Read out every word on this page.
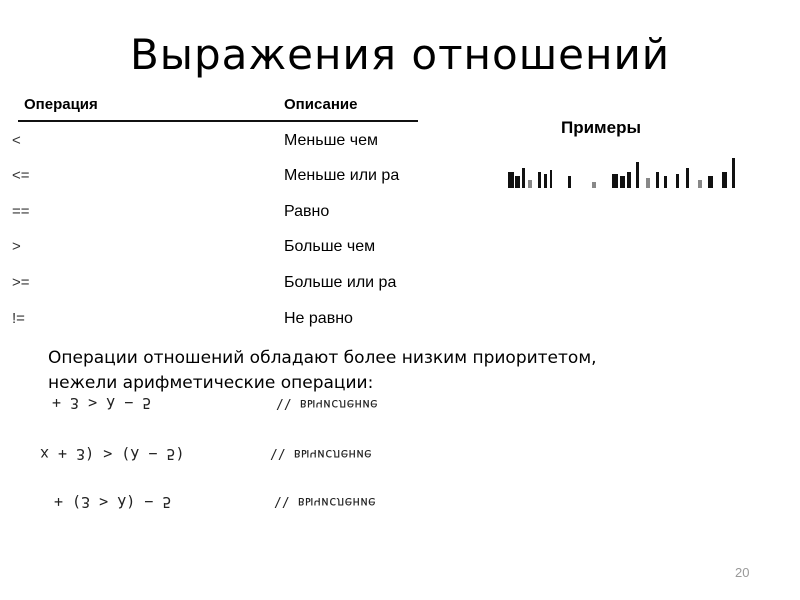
Выражения отношений
Операция	Описание
<	Меньше чем
<=	Меньше или ра
==	Равно
>	Больше чем
>=	Больше или ра
!=	Не равно
Примеры
Операции отношений обладают более низким приоритетом,
нежели арифметические операции:
+ 3 > λ − 5	\\ вычисление
x + 3) > (λ − 5)	\\ вычисление
+ (3 > λ) − 5	\\ вычисление
20
